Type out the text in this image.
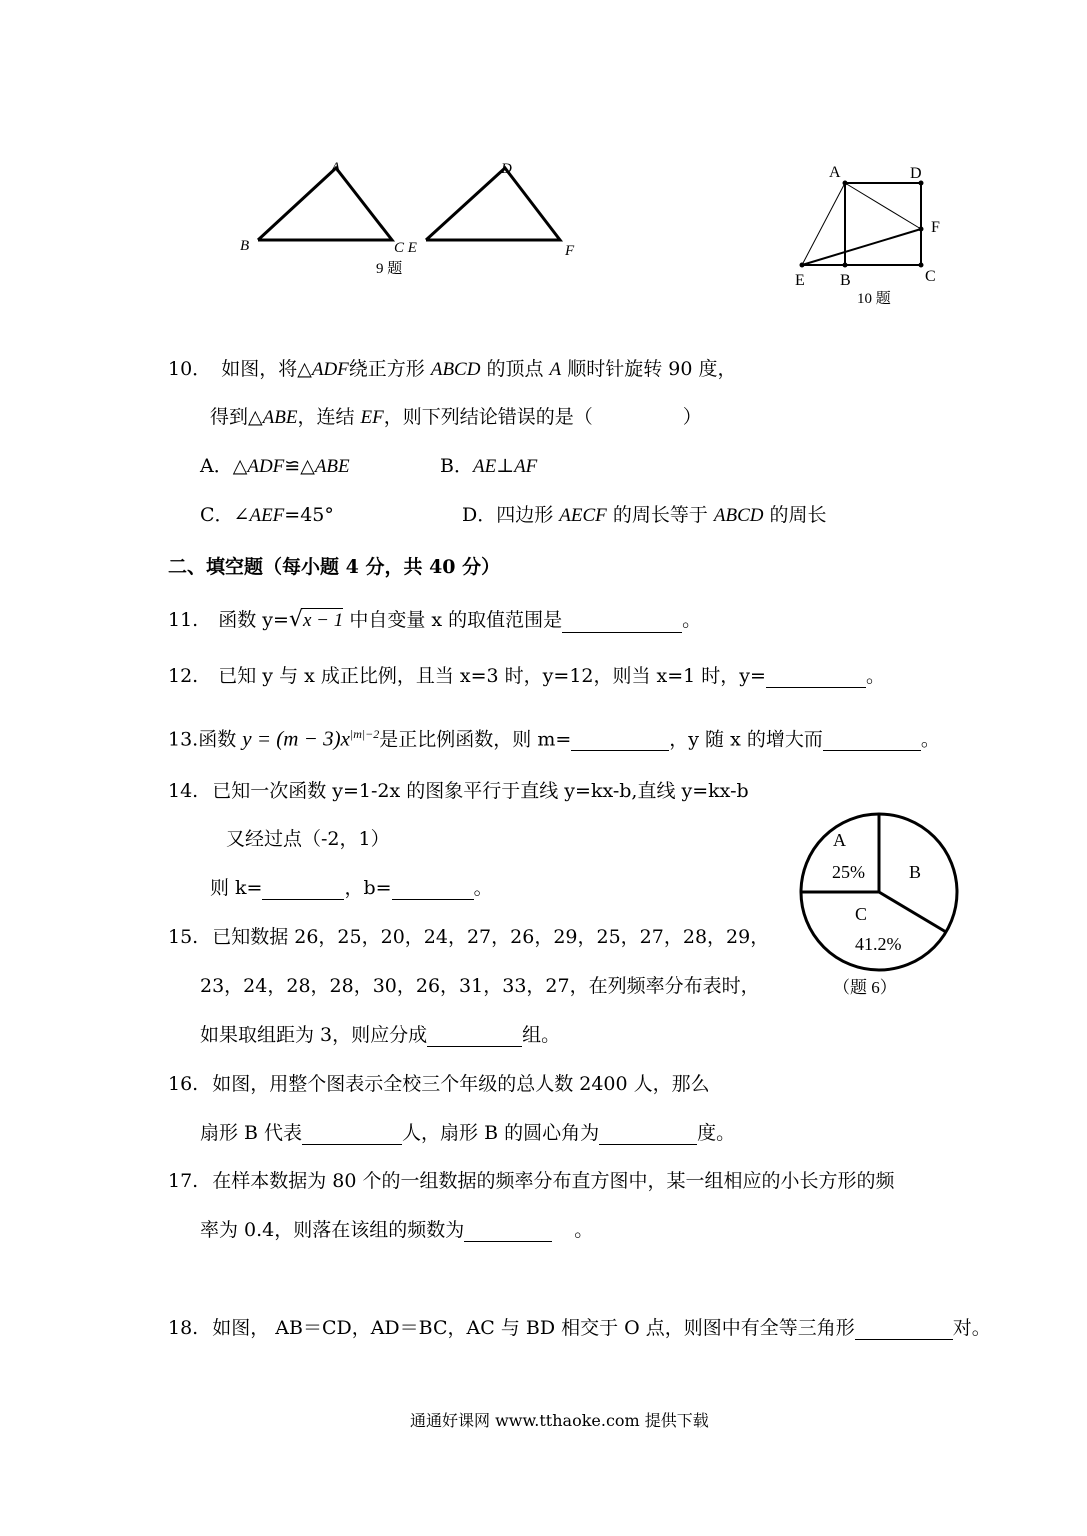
A
B	C E
D
F
9 题
A	D
F
E B	C
10 题
10． 如图，将△ADF绕正方形 ABCD 的顶点 A 顺时针旋转 90 度，
得到△ABE，连结 EF，则下列结论错误的是（	）
A．△ADF≌△ABE	B．AE⊥AF
C．∠AEF=45°	D．四边形 AECF 的周长等于 ABCD 的周长
二、填空题（每小题 4 分，共 40 分）
11. 函数 y=√x − 1 中自变量 x 的取值范围是	。
12. 已知 y 与 x 成正比例，且当 x=3 时，y=12，则当 x=1 时，y=	。
13.函数 $y = (m - 3)x^{|m|-2}$是正比例函数，则 m=	，y 随 x 的增大而	。
14. 已知一次函数 y=1-2x 的图象平行于直线 y=kx-b,直线 y=kx-b
又经过点（-2，1）
则 k=	，b=	。
A
25% B
C
41.2%
（题 6）
15. 已知数据 26，25，20，24，27，26，29，25，27，28，29，
23，24，28，28，30，26，31，33，27，在列频率分布表时，
如果取组距为 3，则应分成	组。
16. 如图，用整个图表示全校三个年级的总人数 2400 人，那么
扇形 B 代表	人，扇形 B 的圆心角为	度。
17. 在样本数据为 80 个的一组数据的频率分布直方图中，某一组相应的小长方形的频
率为 0.4，则落在该组的频数为	。
18. 如图， AB＝CD，AD＝BC，AC 与 BD 相交于 O 点，则图中有全等三角形	对。
通通好课网 www.tthaoke.com 提供下载
